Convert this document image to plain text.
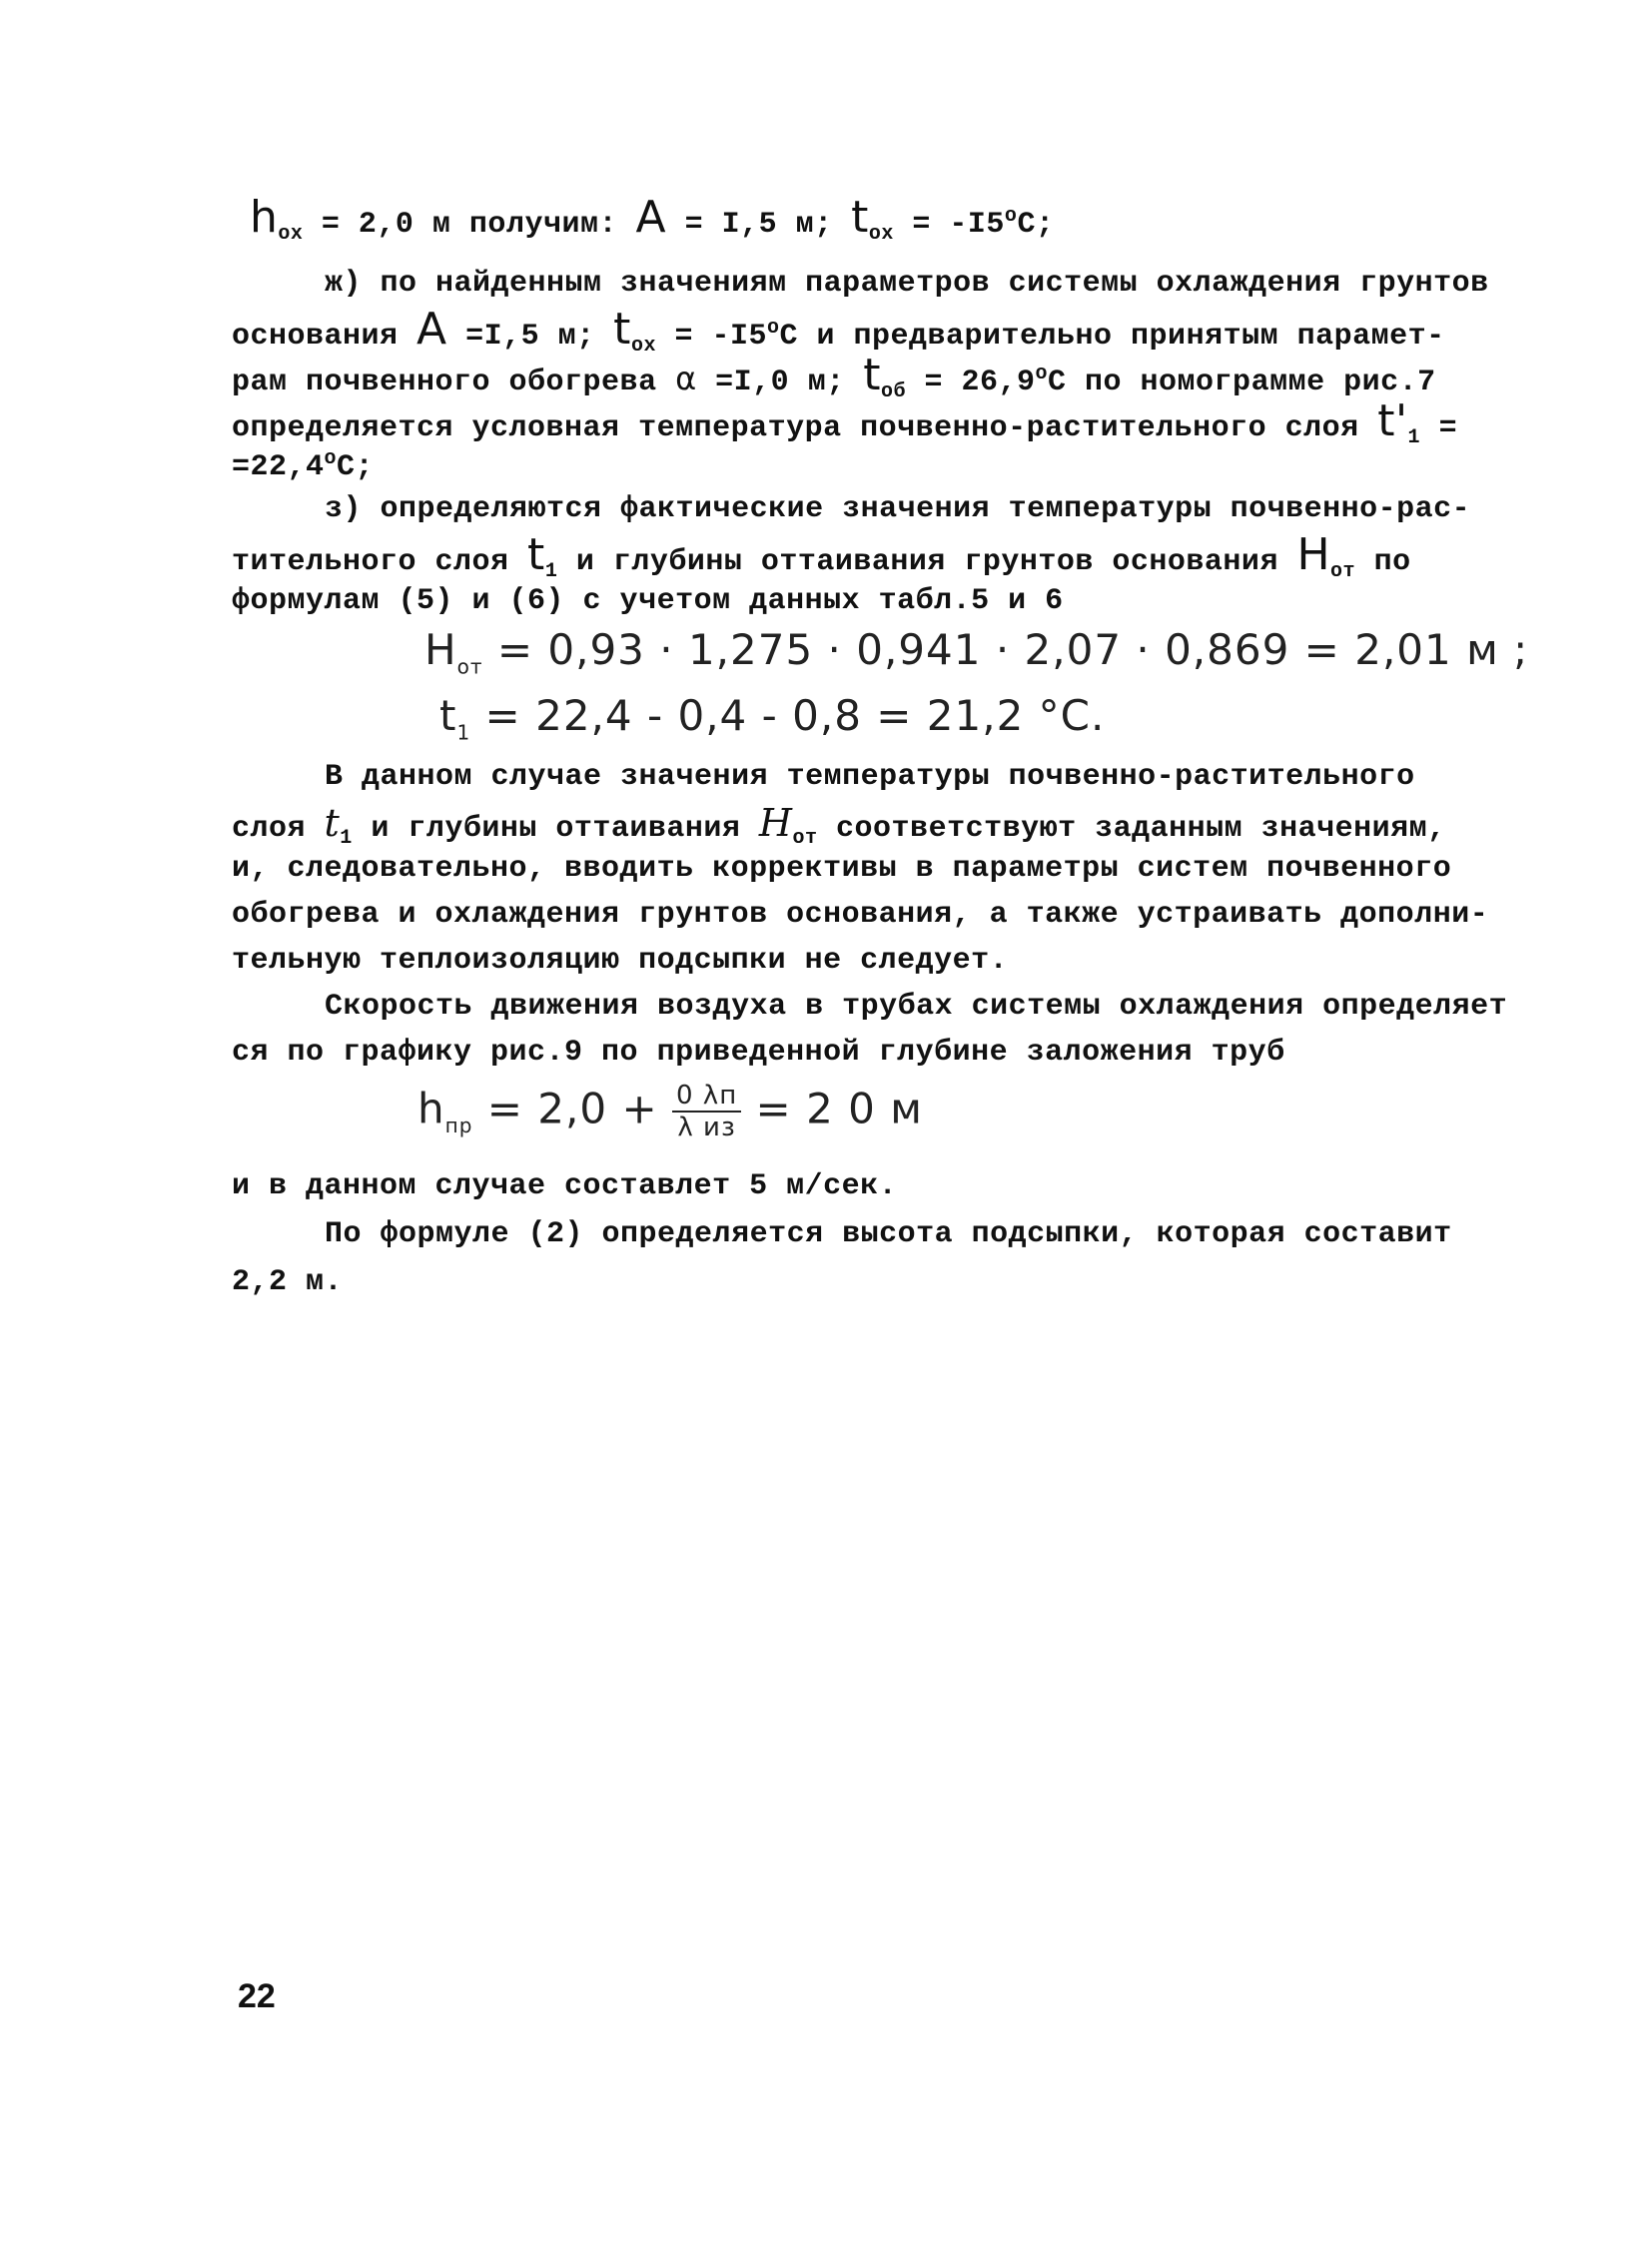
$h_{ox} = 2,0$ м получим: A = I,5 м; $t_{ox} = -I5^oС$;
ж) по найденным значениям параметров системы охлаждения грунтов
основания A =I,5 м; $t_{ox} = -I5^oС$ и предварительно принятым парамет-
рам почвенного обогрева α =I,0 м; $t_{об} = 26,9^oС$ по номограмме рис.7
определяется условная температура почвенно-растительного слоя $t'_1$ =
$=22,4^oС$;
з) определяются фактические значения температуры почвенно-рас-
тительного слоя $t_1$ и глубины оттаивания грунтов основания $H_{от}$ по
формулам (5) и (6) с учетом данных табл.5 и 6
$H_{от} = 0,93 \cdot 1,275 \cdot 0,941 \cdot 2,07 \cdot 0,869 = 2,01$ м ;
$t_1 = 22,4 - 0,4 - 0,8 = 21,2$ °С.
В данном случае значения температуры почвенно-растительного
слоя $t_1$ и глубины оттаивания $H_{от}$ соответствуют заданным значениям,
и, следовательно, вводить коррективы в параметры систем почвенного
обогрева и охлаждения грунтов основания, а также устраивать дополни-
тельную теплоизоляцию подсыпки не следует.
Скорость движения воздуха в трубах системы охлаждения определяет
ся по графику рис.9 по приведенной глубине заложения труб
$h_{пр} = 2,0 + \frac{0 \lambda п}{\text{λ из}} = 2$ 0 м
и в данном случае составлет 5 м/сек.
По формуле (2) определяется высота подсыпки, которая составит
2,2 м.
22
